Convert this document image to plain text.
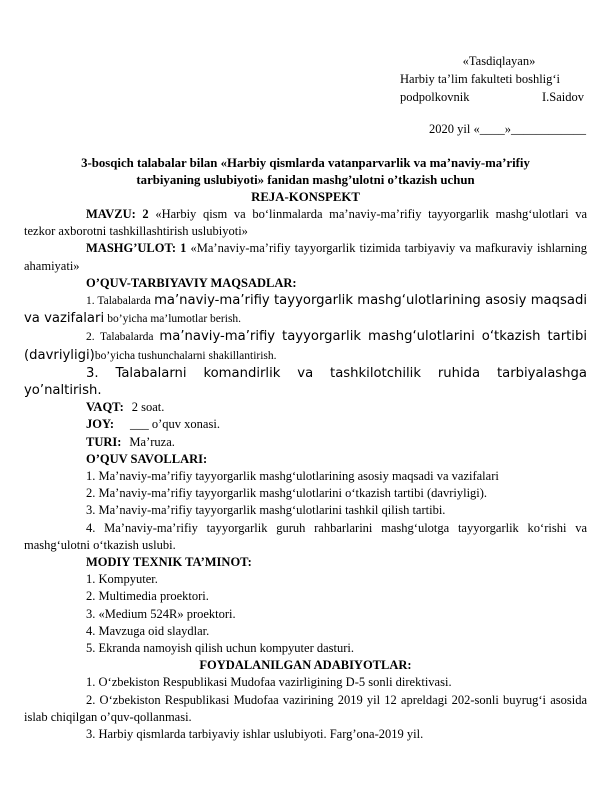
«Tasdiqlayan»
Harbiy ta’lim fakulteti boshlig‘i
podpolkovnik	I.Saidov
2020 yil «____»____________
3-bosqich talabalar bilan «Harbiy qismlarda vatanparvarlik va ma’naviy-ma’rifiy
tarbiyaning uslubiyoti» fanidan mashg’ulotni o’tkazish uchun
REJA-KONSPEKT
MAVZU: 2 «Harbiy qism va bo‘linmalarda ma’naviy-ma’rifiy tayyorgarlik mashg‘ulotlari va tezkor axborotni tashkillashtirish uslubiyoti»
MASHG’ULOT: 1 «Ma’naviy-ma’rifiy tayyorgarlik tizimida tarbiyaviy va mafkuraviy ishlarning ahamiyati»
O’QUV-TARBIYAVIY MAQSADLAR:
1. Talabalarda ma’naviy-ma’rifiy tayyorgarlik mashg‘ulotlarining asosiy maqsadi va vazifalari bo’yicha ma’lumotlar berish.
2. Talabalarda ma’naviy-ma’rifiy tayyorgarlik mashg‘ulotlarini o‘tkazish tartibi (davriyligi)bo’yicha tushunchalarni shakillantirish.
3. Talabalarni komandirlik va tashkilotchilik ruhida tarbiyalashga yo’naltirish.
VAQT: 2 soat.
JOY: ___ o’quv xonasi.
TURI: Ma’ruza.
O’QUV SAVOLLARI:
1. Ma’naviy-ma’rifiy tayyorgarlik mashg‘ulotlarining asosiy maqsadi va vazifalari
2. Ma’naviy-ma’rifiy tayyorgarlik mashg‘ulotlarini o‘tkazish tartibi (davriyligi).
3. Ma’naviy-ma’rifiy tayyorgarlik mashg‘ulotlarini tashkil qilish tartibi.
4. Ma’naviy-ma’rifiy tayyorgarlik guruh rahbarlarini mashg‘ulotga tayyorgarlik ko‘rishi va mashg‘ulotni o‘tkazish uslubi.
MODIY TEXNIK TA’MINOT:
1. Kompyuter.
2. Multimedia proektori.
3. «Medium 524R» proektori.
4. Mavzuga oid slaydlar.
5. Ekranda namoyish qilish uchun kompyuter dasturi.
FOYDALANILGAN ADABIYOTLAR:
1. O‘zbekiston Respublikasi Mudofaa vazirligining D-5 sonli direktivasi.
2. O‘zbekiston Respublikasi Mudofaa vazirining 2019 yil 12 apreldagi 202-sonli buyrug‘i asosida islab chiqilgan o’quv-qollanmasi.
3. Harbiy qismlarda tarbiyaviy ishlar uslubiyoti. Farg’ona-2019 yil.
